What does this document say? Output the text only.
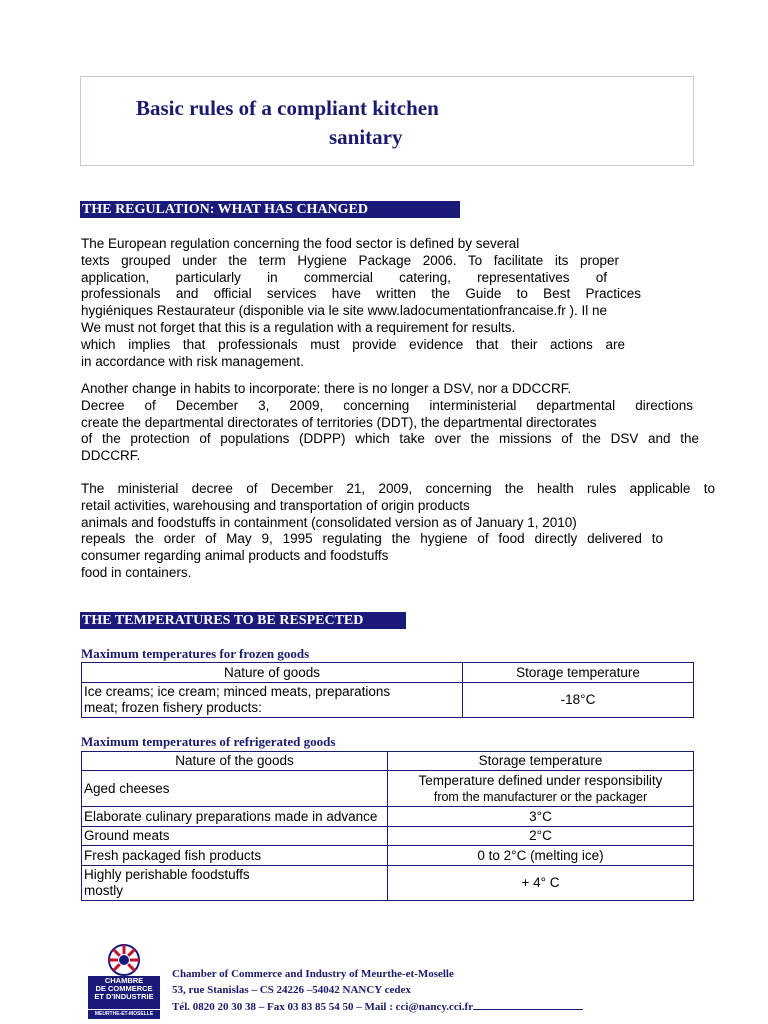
Basic rules of a compliant kitchen
sanitary
THE REGULATION: WHAT HAS CHANGED
The European regulation concerning the food sector is defined by several
texts grouped under the term Hygiene Package 2006. To facilitate its proper
application, particularly in commercial catering, representatives of
professionals and official services have written the Guide to Best Practices
hygiéniques Restaurateur (disponible via le site www.ladocumentationfrancaise.fr ). Il ne
We must not forget that this is a regulation with a requirement for results.
which implies that professionals must provide evidence that their actions are
in accordance with risk management.
Another change in habits to incorporate: there is no longer a DSV, nor a DDCCRF.
Decree of December 3, 2009, concerning interministerial departmental directions
create the departmental directorates of territories (DDT), the departmental directorates
of the protection of populations (DDPP) which take over the missions of the DSV and the
DDCCRF.
The ministerial decree of December 21, 2009, concerning the health rules applicable to
retail activities, warehousing and transportation of origin products
animals and foodstuffs in containment (consolidated version as of January 1, 2010)
repeals the order of May 9, 1995 regulating the hygiene of food directly delivered to
consumer regarding animal products and foodstuffs
food in containers.
THE TEMPERATURES TO BE RESPECTED
Maximum temperatures for frozen goods
Nature of goods	Storage temperature

Ice creams; ice cream; minced meats, preparations
meat; frozen fishery products:	-18°C
Maximum temperatures of refrigerated goods
Nature of the goods	Storage temperature
Aged cheeses	Temperature defined under responsibility
from the manufacturer or the packager

Elaborate culinary preparations made in advance	3°C
Ground meats	2°C
Fresh packaged fish products	0 to 2°C (melting ice)

Highly perishable foodstuffs
mostly	+ 4° C
CHAMBRE
DE COMMERCE
ET D'INDUSTRIE
MEURTHE-ET-MOSELLE
Chamber of Commerce and Industry of Meurthe-et-Moselle
53, rue Stanislas – CS 24226 –54042 NANCY cedex
Tél. 0820 20 30 38 – Fax 03 83 85 54 50 – Mail : cci@nancy.cci.fr
